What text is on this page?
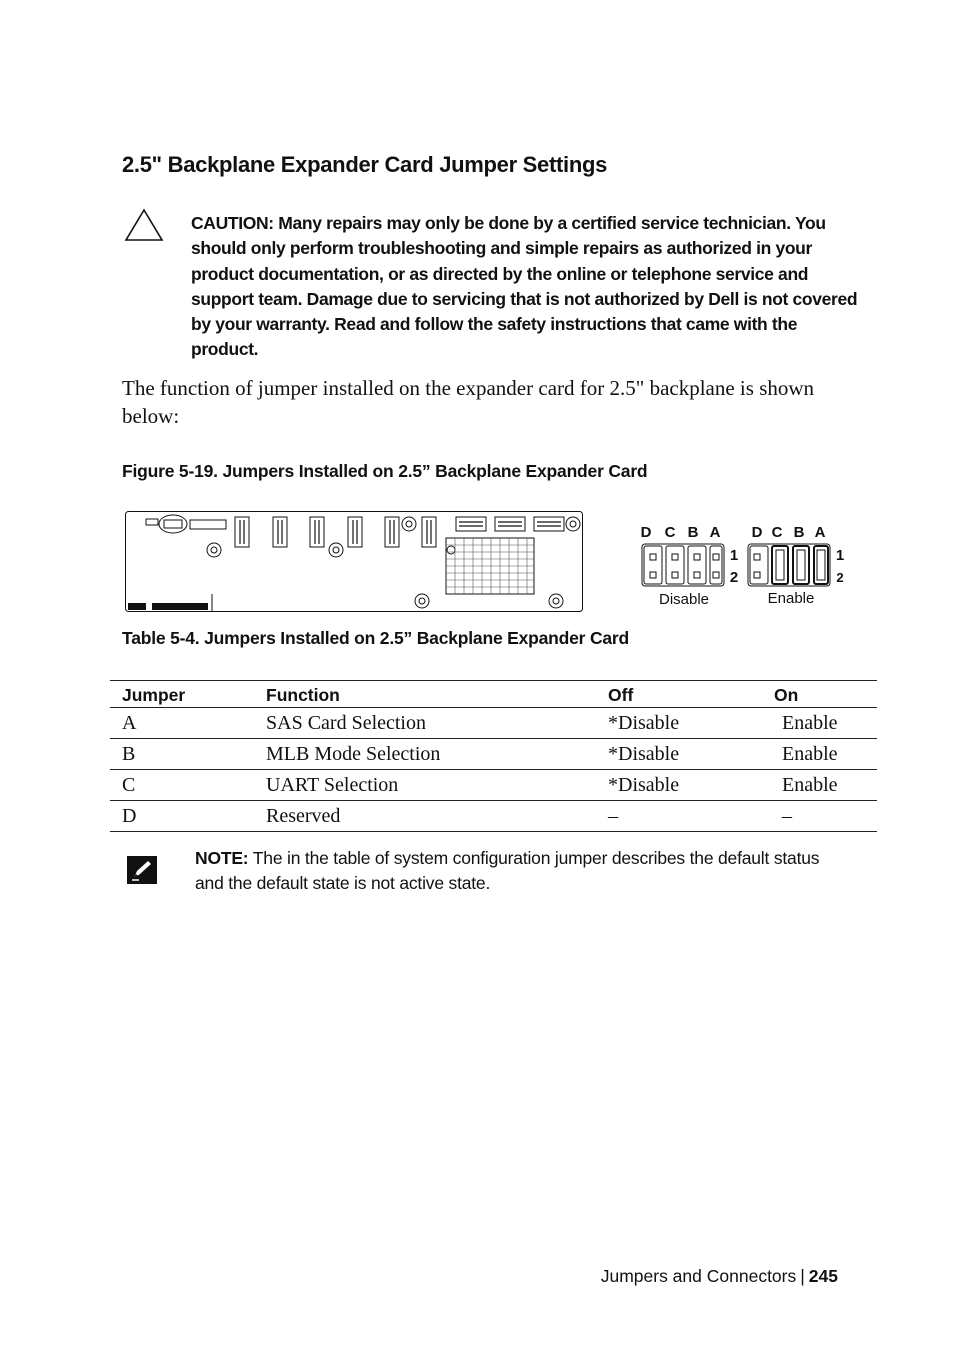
2.5" Backplane Expander Card Jumper Settings
CAUTION: Many repairs may only be done by a certified service technician. You should only perform troubleshooting and simple repairs as authorized in your product documentation, or as directed by the online or telephone service and support team. Damage due to servicing that is not authorized by Dell is not covered by your warranty. Read and follow the safety instructions that came with the product.
The function of jumper installed on the expander card for 2.5" backplane is shown below:
Figure 5-19. Jumpers Installed on 2.5” Backplane Expander Card
D C B A D C B A
1
2
1
2
Disable	Enable
Table 5-4. Jumpers Installed on 2.5” Backplane Expander Card
Jumper	Function	Off	On
A	SAS Card Selection	*Disable	Enable
B	MLB Mode Selection	*Disable	Enable
C	UART Selection	*Disable	Enable
D	Reserved	–	–
NOTE: The in the table of system configuration jumper describes the default status and the default state is not active state.
Jumpers and Connectors | 245
